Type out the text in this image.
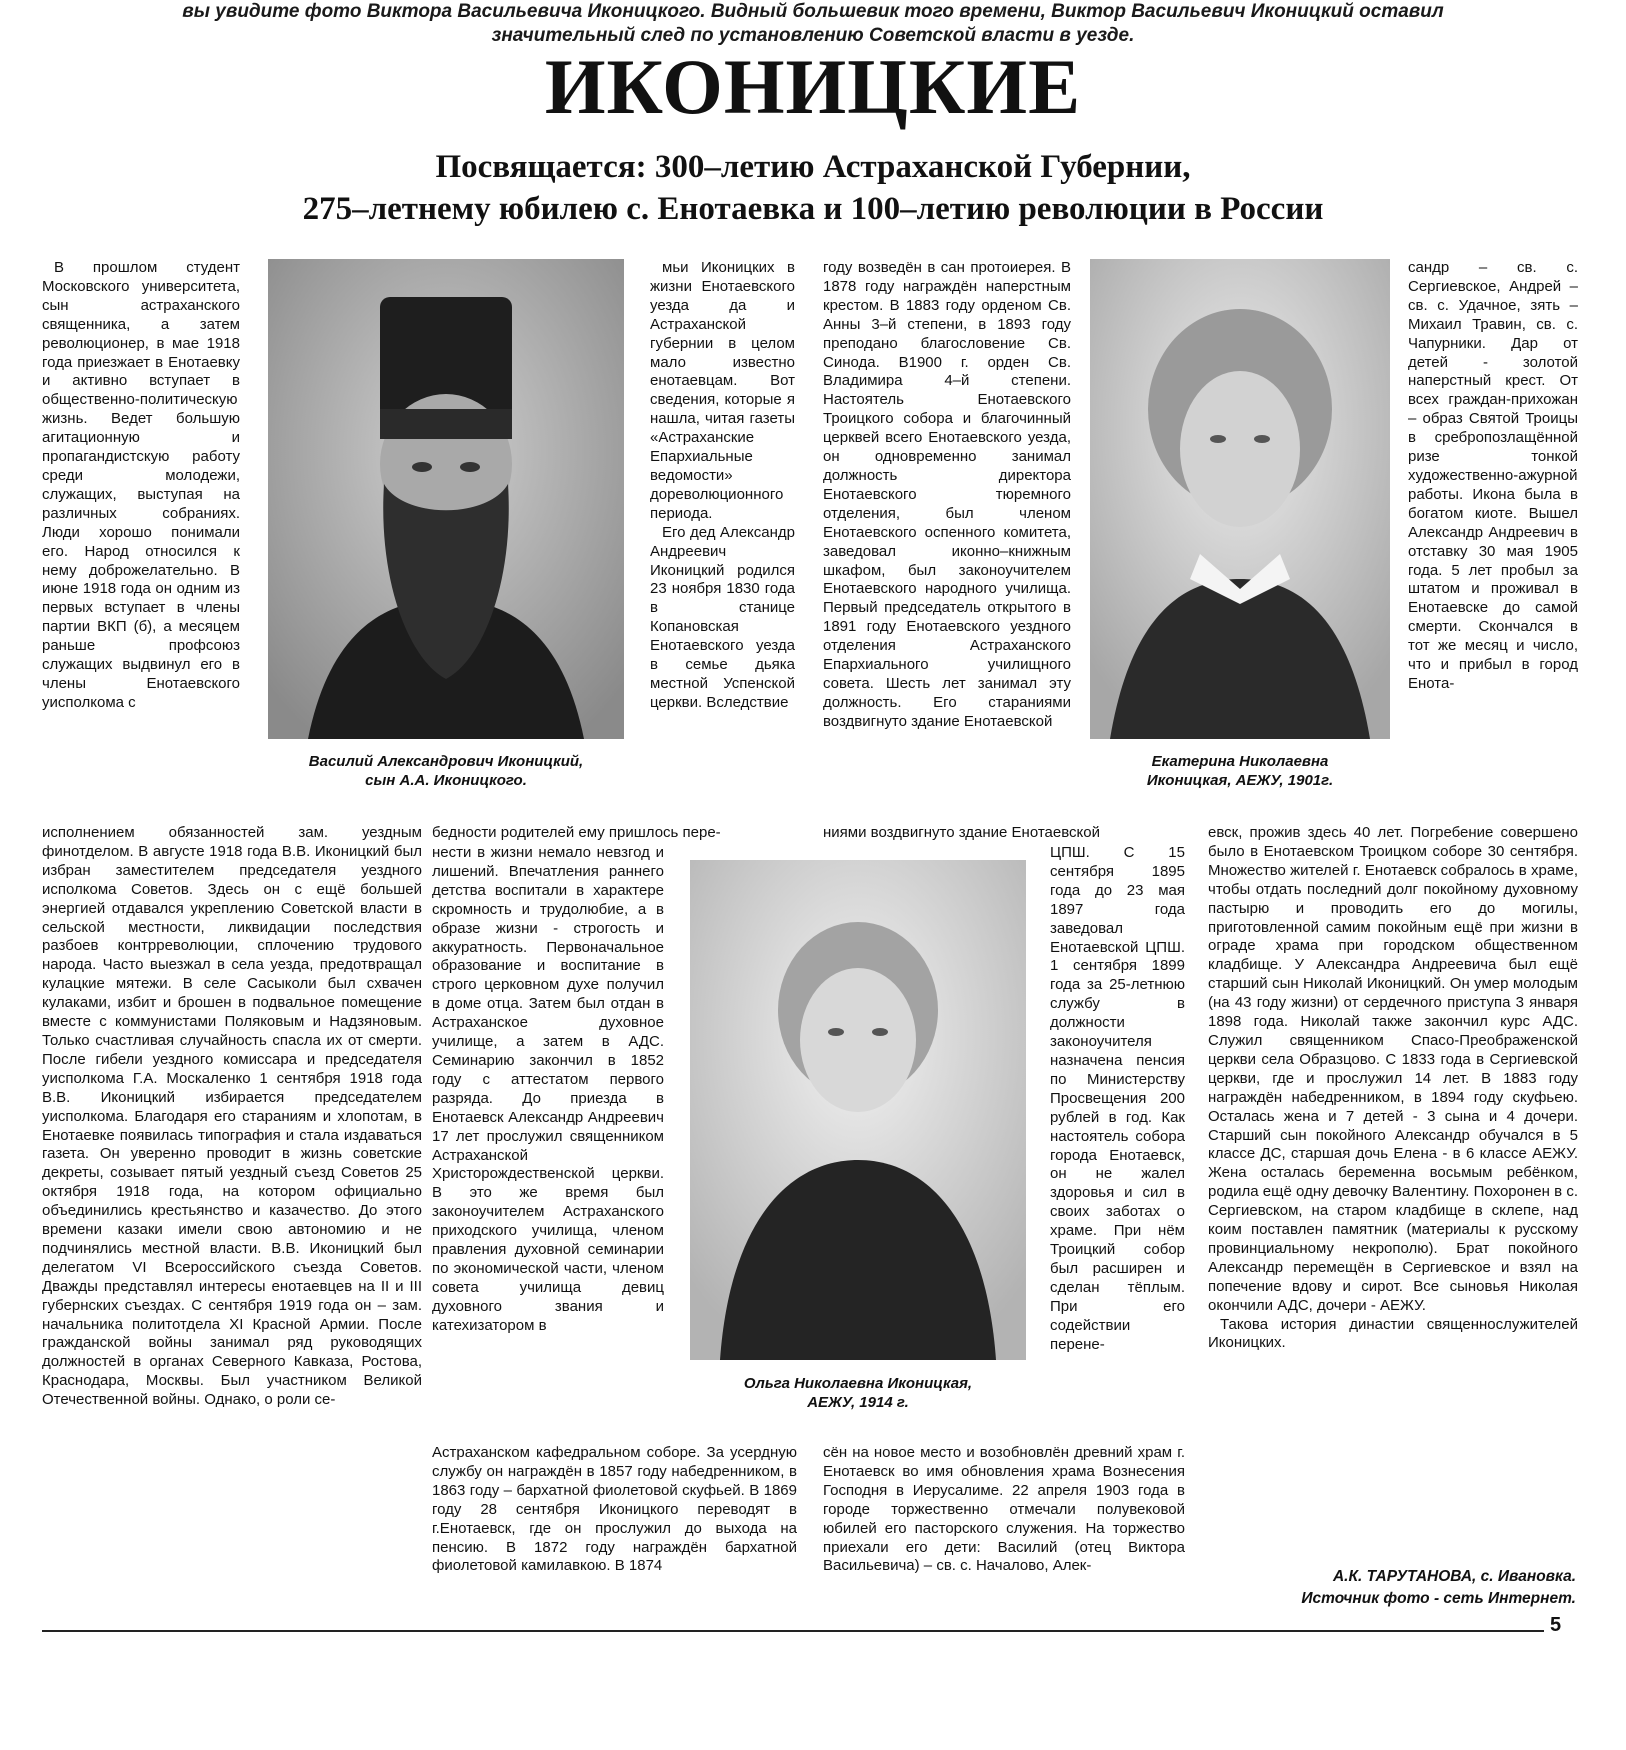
вы увидите фото Виктора Васильевича Иконицкого. Видный большевик того времени, Виктор Васильевич Иконицкий оставил
значительный след по установлению Советской власти в уезде.
ИКОНИЦКИЕ
Посвящается: 300–летию Астраханской Губернии,
275–летнему юбилею с. Енотаевка и 100–летию революции в России
Василий Александрович Иконицкий,
сын А.А. Иконицкого.
Екатерина Николаевна
Иконицкая, АЕЖУ, 1901г.
Ольга Николаевна Иконицкая,
АЕЖУ, 1914 г.

В прошлом студент Московского университета, сын астраханского священника, а затем революционер, в мае 1918 года приезжает в Енотаевку и активно вступает в общественно-политическую жизнь. Ведет большую агитационную и пропагандистскую работу среди молодежи, служащих, выступая на различных собраниях. Люди хорошо понимали его. Народ относился к нему доброжелательно. В июне 1918 года он одним из первых вступает в члены партии ВКП (б), а месяцем раньше профсоюз служащих выдвинул его в члены Енотаевского уисполкома с

мьи Иконицких в жизни Енотаевского уезда да и Астраханской губернии в целом мало известно енотаевцам. Вот сведения, которые я нашла, читая газеты «Астраханские Епархиальные ведомости» дореволюционного периода.

Его дед Александр Андреевич Иконицкий родился 23 ноября 1830 года в станице Копановская Енотаевского уезда в семье дьяка местной Успенской церкви. Вследствие

году возведён в сан протоиерея. В 1878 году награждён наперстным крестом. В 1883 году орденом Св. Анны 3–й степени, в 1893 году преподано благословение Св. Синода. В1900 г. орден Св. Владимира 4–й степени. Настоятель Енотаевского Троицкого собора и благочинный церквей всего Енотаевского уезда, он одновременно занимал должность директора Енотаевского тюремного отделения, был членом Енотаевского оспенного комитета, заведовал иконно–книжным шкафом, был законоучителем Енотаевского народного училища. Первый председатель открытого в 1891 году Енотаевского уездного отделения Астраханского Епархиального училищного совета. Шесть лет занимал эту должность. Его стараниями воздвигнуто здание Енотаевской

сандр – св. с. Сергиевское, Андрей – св. с. Удачное, зять – Михаил Травин, св. с. Чапурники. Дар от детей - золотой наперстный крест. От всех граждан-прихожан – образ Святой Троицы в сребропозлащённой ризе тонкой художественно-ажурной работы. Икона была в богатом киоте. Вышел Александр Андреевич в отставку 30 мая 1905 года. 5 лет пробыл за штатом и проживал в Енотаевске до самой смерти. Скончался в тот же месяц и число, что и прибыл в город Енота-

исполнением обязанностей зам. уездным финотделом. В августе 1918 года В.В. Иконицкий был избран заместителем председателя уездного исполкома Советов. Здесь он с ещё большей энергией отдавался укреплению Советской власти в сельской местности, ликвидации последствия разбоев контрреволюции, сплочению трудового народа. Часто выезжал в села уезда, предотвращал кулацкие мятежи. В селе Сасыколи был схвачен кулаками, избит и брошен в подвальное помещение вместе с коммунистами Поляковым и Надзяновым. Только счастливая случайность спасла их от смерти. После гибели уездного комиссара и председателя уисполкома Г.А. Москаленко 1 сентября 1918 года В.В. Иконицкий избирается председателем уисполкома. Благодаря его стараниям и хлопотам, в Енотаевке появилась типография и стала издаваться газета. Он уверенно проводит в жизнь советские декреты, созывает пятый уездный съезд Советов 25 октября 1918 года, на котором официально объединились крестьянство и казачество. До этого времени казаки имели свою автономию и не подчинялись местной власти. В.В. Иконицкий был делегатом VI Всероссийского съезда Советов. Дважды представлял интересы енотаевцев на II и III губернских съездах. С сентября 1919 года он – зам. начальника политотдела XI Красной Армии. После гражданской войны занимал ряд руководящих должностей в органах Северного Кавказа, Ростова, Краснодара, Москвы. Был участником Великой Отечественной войны. Однако, о роли се-

бедности родителей ему пришлось пере-

нести в жизни немало невзгод и лишений. Впечатления раннего детства воспитали в характере скромность и трудолюбие, а в образе жизни - строгость и аккуратность. Первоначальное образование и воспитание в строго церковном духе получил в доме отца. Затем был отдан в Астраханское духовное училище, а затем в АДС. Семинарию закончил в 1852 году с аттестатом первого разряда. До приезда в Енотаевск Александр Андреевич 17 лет прослужил священником Астраханской Христорождественской церкви. В это же время был законоучителем Астраханского приходского училища, членом правления духовной семинарии по экономической части, членом совета училища девиц духовного звания и катехизатором в

Астраханском кафедральном соборе. За усердную службу он награждён в 1857 году набедренником, в 1863 году – бархатной фиолетовой скуфьей. В 1869 году 28 сентября Иконицкого переводят в г.Енотаевск, где он прослужил до выхода на пенсию. В 1872 году награждён бархатной фиолетовой камилавкою. В 1874

ниями воздвигнуто здание Енотаевской

ЦПШ. С 15 сентября 1895 года до 23 мая 1897 года заведовал Енотаевской ЦПШ. 1 сентября 1899 года за 25-летнюю службу в должности законоучителя назначена пенсия по Министерству Просвещения 200 рублей в год. Как настоятель собора города Енотаевск, он не жалел здоровья и сил в своих заботах о храме. При нём Троицкий собор был расширен и сделан тёплым. При его содействии перене-

сён на новое место и возобновлён древний храм г. Енотаевск во имя обновления храма Вознесения Господня в Иерусалиме. 22 апреля 1903 года в городе торжественно отмечали полувековой юбилей его пасторского служения. На торжество приехали его дети: Василий (отец Виктора Васильевича) – св. с. Началово, Алек-

евск, прожив здесь 40 лет. Погребение совершено было в Енотаевском Троицком соборе 30 сентября. Множество жителей г. Енотаевск собралось в храме, чтобы отдать последний долг покойному духовному пастырю и проводить его до могилы, приготовленной самим покойным ещё при жизни в ограде храма при городском общественном кладбище. У Александра Андреевича был ещё старший сын Николай Иконицкий. Он умер молодым (на 43 году жизни) от сердечного приступа 3 января 1898 года. Николай также закончил курс АДС. Служил священником Спасо-Преображенской церкви села Образцово. С 1833 года в Сергиевской церкви, где и прослужил 14 лет. В 1883 году награждён набедренником, в 1894 году скуфьею. Осталась жена и 7 детей - 3 сына и 4 дочери. Старший сын покойного Александр обучался в 5 классе ДС, старшая дочь Елена - в 6 классе АЕЖУ. Жена осталась беременна восьмым ребёнком, родила ещё одну девочку Валентину. Похоронен в с. Сергиевском, на старом кладбище в склепе, над коим поставлен памятник (материалы к русскому провинциальному некрополю). Брат покойного Александр перемещён в Сергиевское и взял на попечение вдову и сирот. Все сыновья Николая окончили АДС, дочери - АЕЖУ.

Такова история династии священнослужителей Иконицких.

А.К. ТАРУТАНОВА, с. Ивановка.
Источник фото - сеть Интернет.
5
